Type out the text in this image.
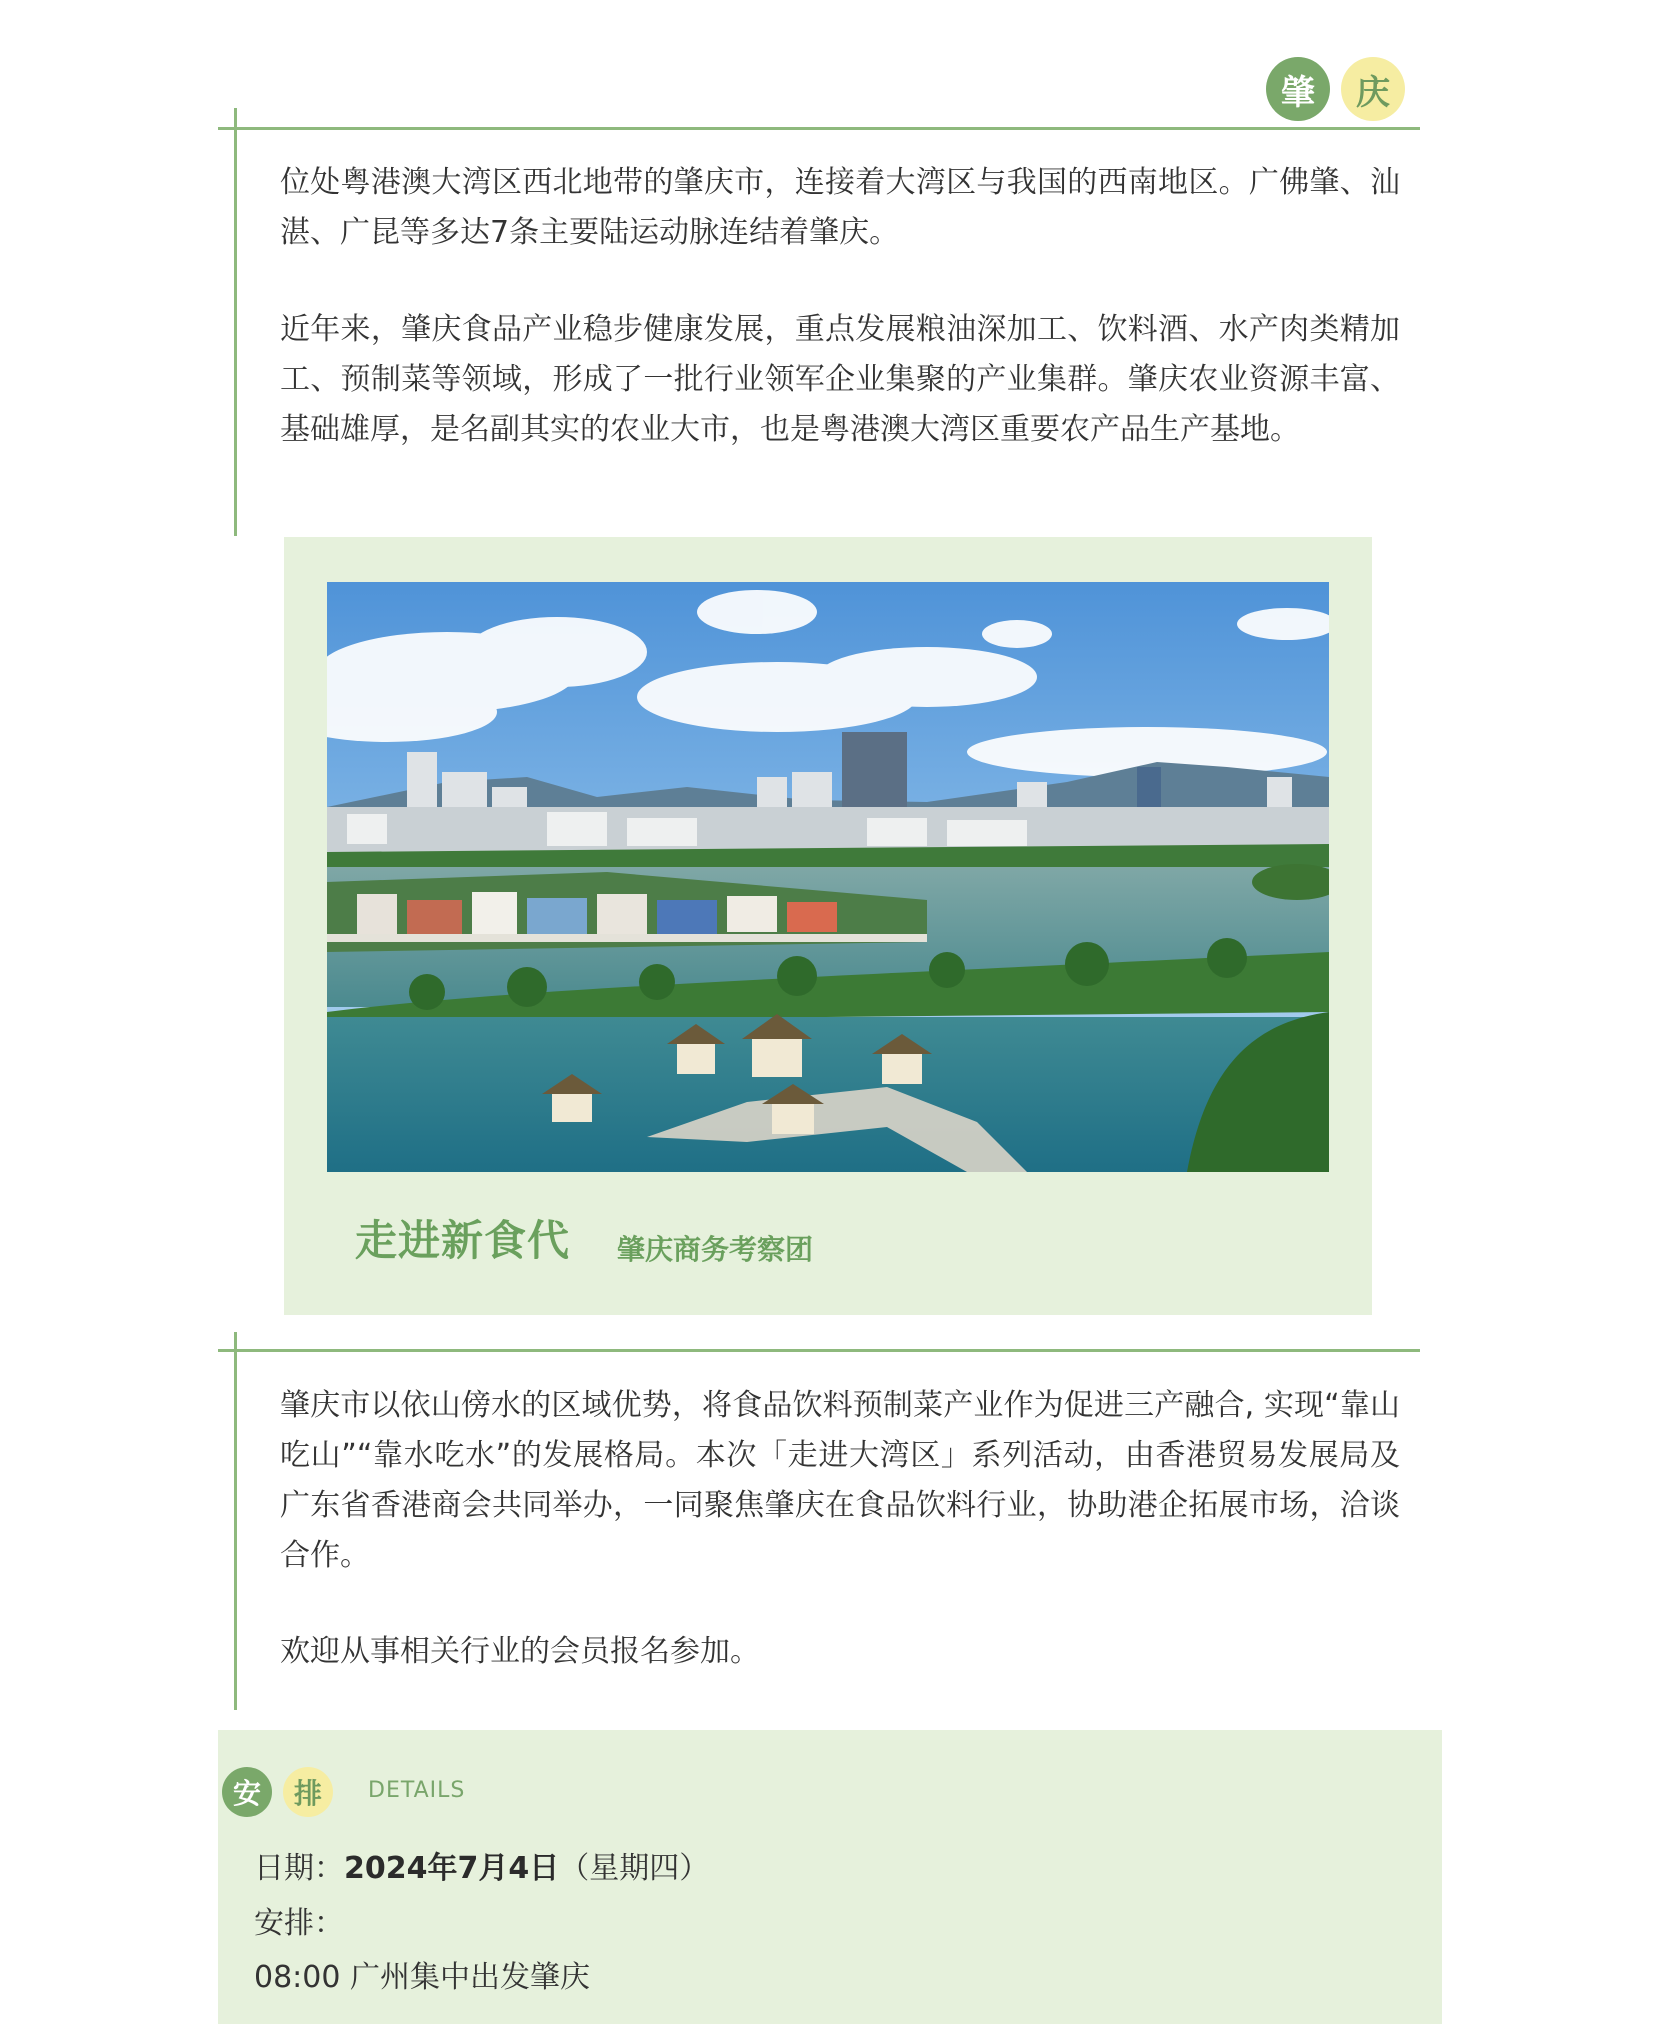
肇	庆

位处粤港澳大湾区西北地带的肇庆市，连接着大湾区与我国的西南地区。广佛肇、汕湛、广昆等多达7条主要陆运动脉连结着肇庆。

近年来，肇庆食品产业稳步健康发展，重点发展粮油深加工、饮料酒、水产肉类精加工、预制菜等领域，形成了一批行业领军企业集聚的产业集群。肇庆农业资源丰富、基础雄厚，是名副其实的农业大市，也是粤港澳大湾区重要农产品生产基地。

走进新食代 肇庆商务考察团

肇庆市以依山傍水的区域优势，将食品饮料预制菜产业作为促进三产融合, 实现“靠山吃山”“靠水吃水”的发展格局。本次「走进大湾区」系列活动，由香港贸易发展局及广东省香港商会共同举办，一同聚焦肇庆在食品饮料行业，协助港企拓展市场，洽谈合作。

欢迎从事相关行业的会员报名参加。

安	排	DETAILS
日期：2024年7月4日（星期四）
安排：
08:00 广州集中出发肇庆
